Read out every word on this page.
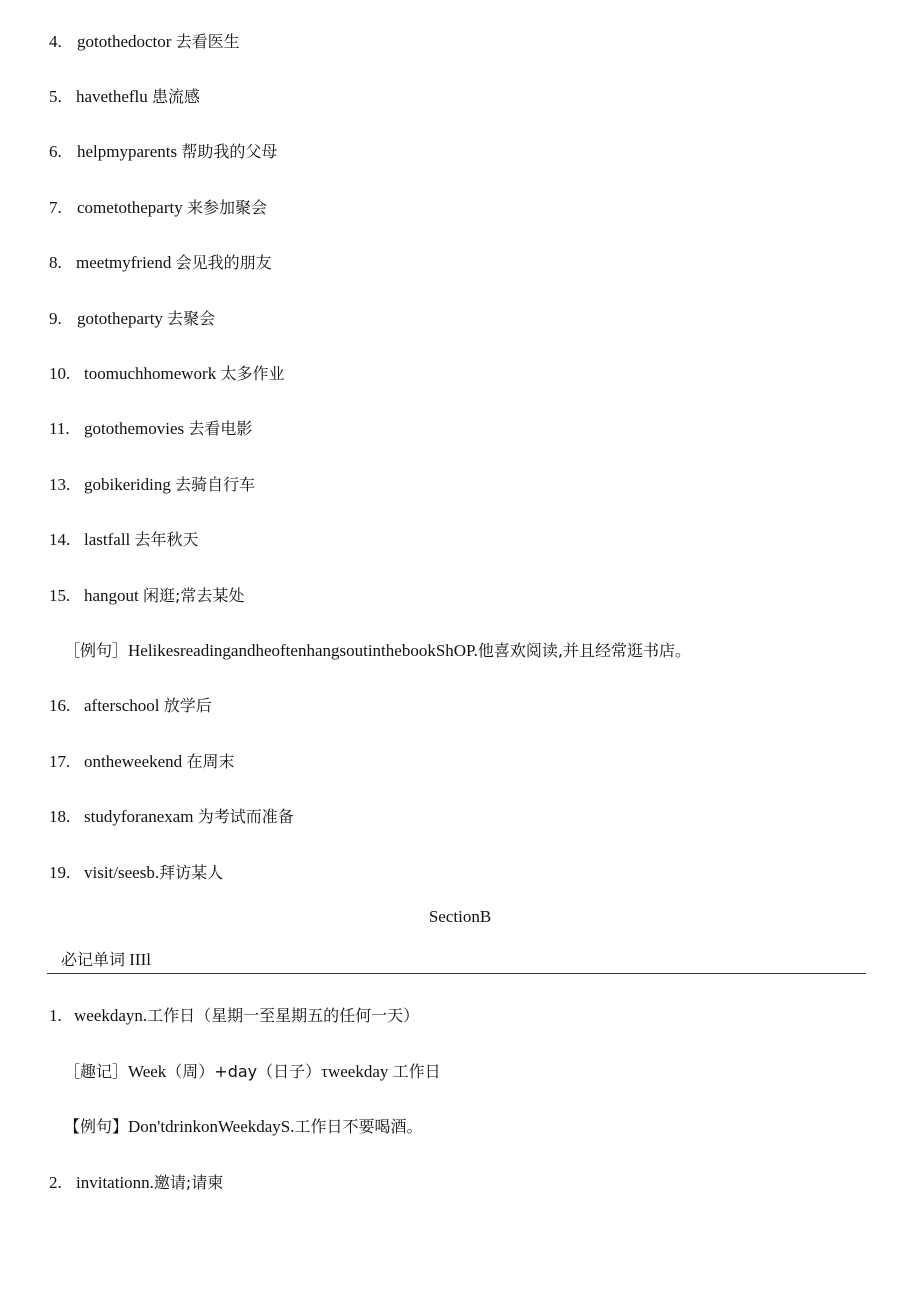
4. gotothedoctor 去看医生
5. havetheflu 患流感
6. helpmyparents 帮助我的父母
7. cometotheparty 来参加聚会
8. meetmyfriend 会见我的朋友
9. gototheparty 去聚会
10. toomuchhomework 太多作业
11. gotothemovies 去看电影
13. gobikeriding 去骑自行车
14. lastfall 去年秋天
15. hangout 闲逛;常去某处
［例句］HelikesreadingandheoftenhangsoutinthebookShOP.他喜欢阅读,并且经常逛书店。
16. afterschool 放学后
17. ontheweekend 在周末
18. studyforanexam 为考试而准备
19. visit/seesb.拜访某人
SectionB
必记单词 IIIl
1. weekdayn.工作日（星期一至星期五的任何一天）
［趣记］Week（周）+day（日子）τweekday 工作日
【例句】Don'tdrinkonWeekdayS.工作日不要喝酒。
2. invitationn.邀请;请柬
